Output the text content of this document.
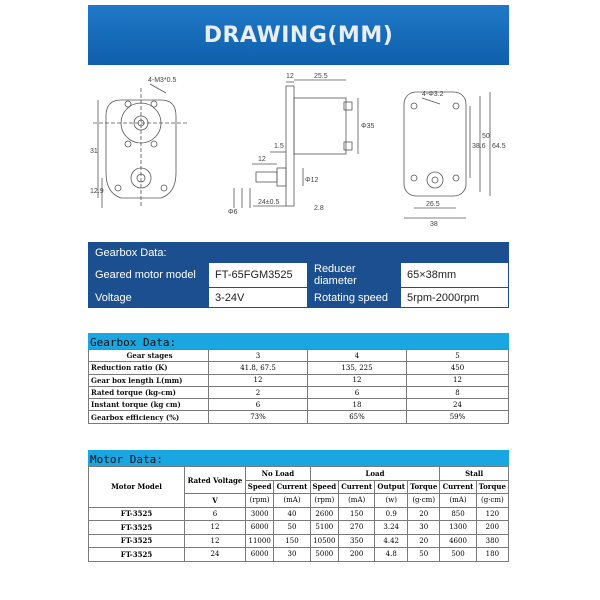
DRAWING(MM)
4-M3*0.5
31
12.9
12	25.5
1.5
12
Φ35
Φ12
Φ6
24±0.5
2.8
4-Φ3.2
38.6
50
64.5
26.5
38
Gearbox Data:			
Geared motor model	FT-65FGM3525	Reducer diameter	65×38mm
Voltage	3-24V	Rotating speed	5rpm-2000rpm
Gearbox Data:
Gear stages	3	4	5
Reduction ratio (K)	41.8, 67.5	135, 225	450
Gear box length L(mm)	12	12	12
Rated torque (kg-cm)	2	6	8
Instant torque (kg cm)	6	18	24
Gearbox efficiency (%)	73%	65%	59%
Motor Data:
Motor Model	Rated Voltage	No Load		Load				Stall	
		Speed	Current	Speed	Current	Output	Torque	Current	Torque
	V	(rpm)	(mA)	(rpm)	(mA)	(w)	(g·cm)	(mA)	(g·cm)
FT-3525	6	3000	40	2600	150	0.9	20	850	120
FT-3525	12	6000	50	5100	270	3.24	30	1300	200
FT-3525	12	11000	150	10500	350	4.42	20	4600	380
FT-3525	24	6000	30	5000	200	4.8	50	500	180
